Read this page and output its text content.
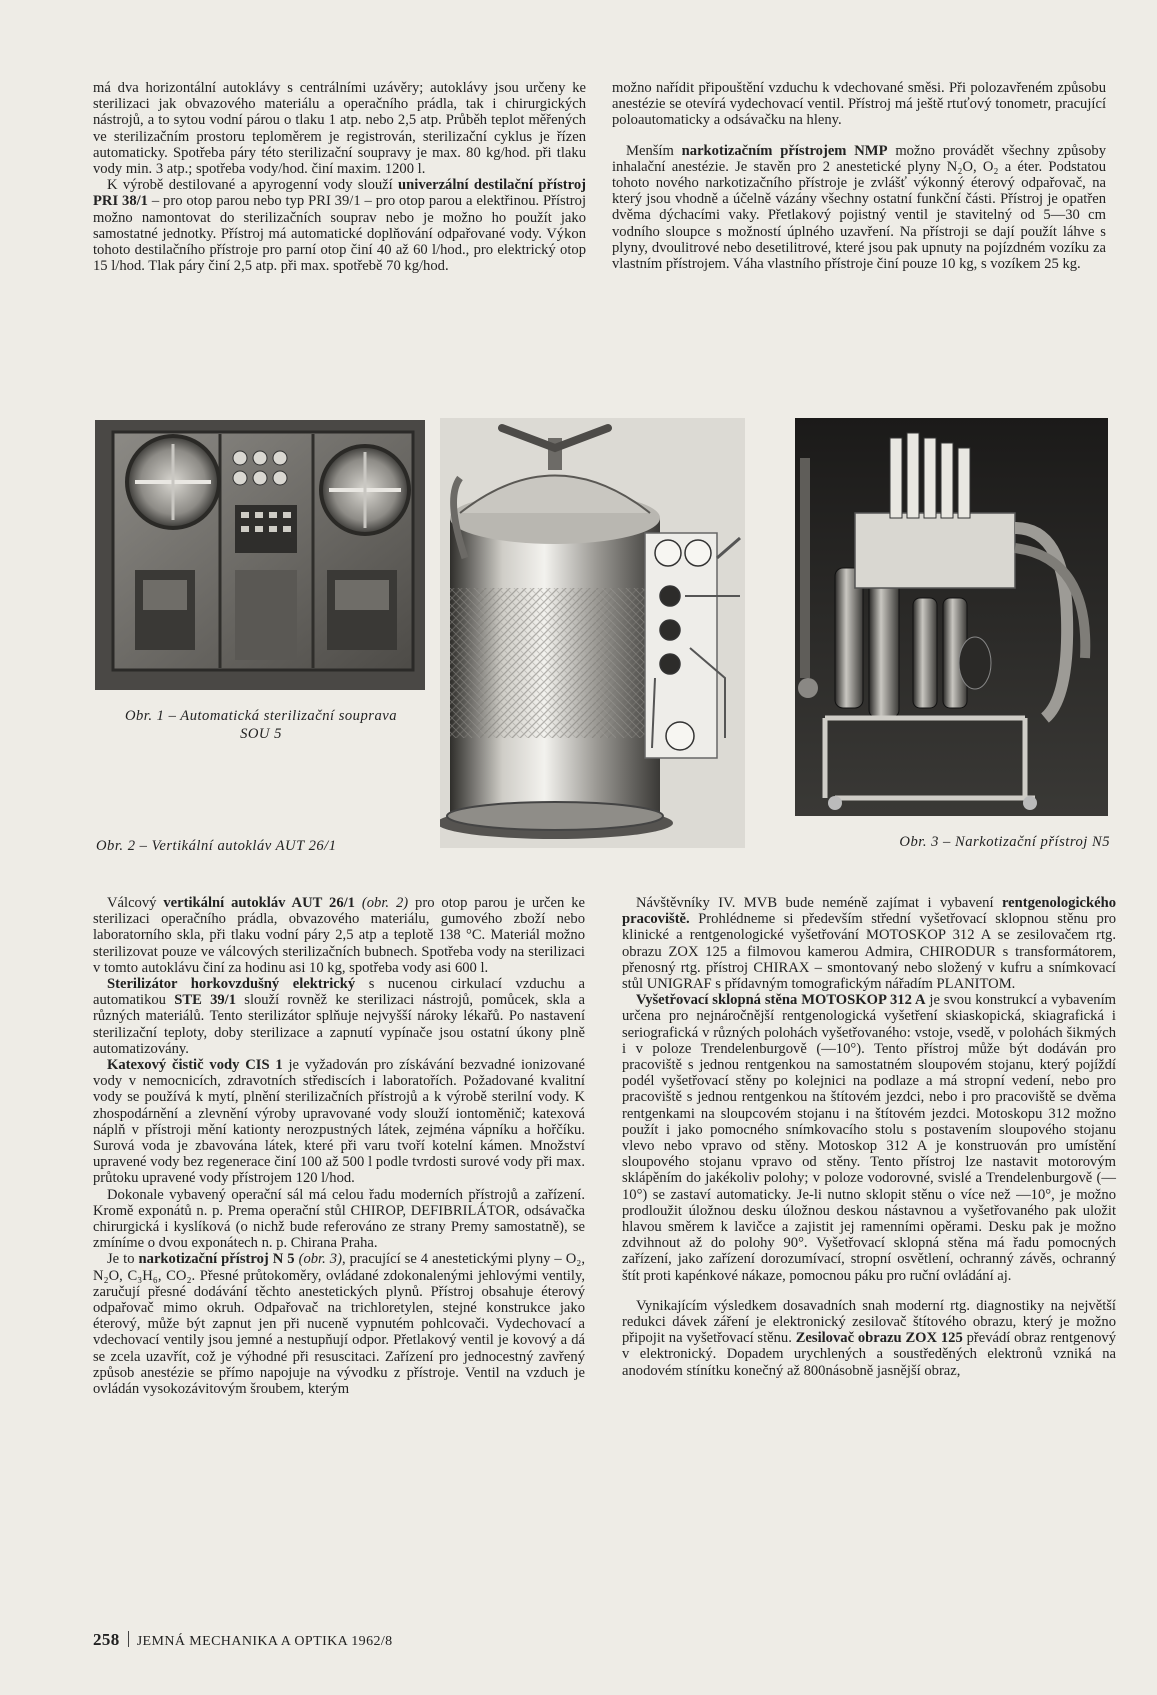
má dva horizontální autoklávy s centrálními uzávěry; autoklávy jsou určeny ke sterilizaci jak obvazového materiálu a operačního prádla, tak i chirurgických nástrojů, a to sytou vodní párou o tlaku 1 atp. nebo 2,5 atp. Průběh teplot měřených ve sterilizačním prostoru teploměrem je registrován, sterilizační cyklus je řízen automaticky. Spotřeba páry této sterilizační soupravy je max. 80 kg/hod. při tlaku vody min. 3 atp.; spotřeba vody/hod. činí maxim. 1200 l.

K výrobě destilované a apyrogenní vody slouží univerzální destilační přístroj PRI 38/1 – pro otop parou nebo typ PRI 39/1 – pro otop parou a elektřinou. Přístroj možno namontovat do sterilizačních souprav nebo je možno ho použít jako samostatné jednotky. Přístroj má automatické doplňování odpařované vody. Výkon tohoto destilačního přístroje pro parní otop činí 40 až 60 l/hod., pro elektrický otop 15 l/hod. Tlak páry činí 2,5 atp. při max. spotřebě 70 kg/hod.

možno nařídit připouštění vzduchu k vdechované směsi. Při polozavřeném způsobu anestézie se otevírá vydechovací ventil. Přístroj má ještě rtuťový tonometr, pracující poloautomaticky a odsávačku na hleny.

Menším narkotizačním přístrojem NMP možno provádět všechny způsoby inhalační anestézie. Je stavěn pro 2 anestetické plyny N₂O, O₂ a éter. Podstatou tohoto nového narkotizačního přístroje je zvlášť výkonný éterový odpařovač, na který jsou vhodně a účelně vázány všechny ostatní funkční části. Přístroj je opatřen dvěma dýchacími vaky. Přetlakový pojistný ventil je stavitelný od 5—30 cm vodního sloupce s možností úplného uzavření. Na přístroji se dají použít láhve s plyny, dvoulitrové nebo desetilitrové, které jsou pak upnuty na pojízdném vozíku za vlastním přístrojem. Váha vlastního přístroje činí pouze 10 kg, s vozíkem 25 kg.

Obr. 1 – Automatická sterilizační souprava
SOU 5
Obr. 2 – Vertikální autokláv AUT 26/1	Obr. 3 – Narkotizační přístroj N5

Válcový vertikální autokláv AUT 26/1 (obr. 2) pro otop parou je určen ke sterilizaci operačního prádla, obvazového materiálu, gumového zboží nebo laboratorního skla, při tlaku vodní páry 2,5 atp a teplotě 138 °C. Materiál možno sterilizovat pouze ve válcových sterilizačních bubnech. Spotřeba vody na sterilizaci v tomto autoklávu činí za hodinu asi 10 kg, spotřeba vody asi 600 l.

Sterilizátor horkovzdušný elektrický s nucenou cirkulací vzduchu a automatikou STE 39/1 slouží rovněž ke sterilizaci nástrojů, pomůcek, skla a různých materiálů. Tento sterilizátor splňuje nejvyšší nároky lékařů. Po nastavení sterilizační teploty, doby sterilizace a zapnutí vypínače jsou ostatní úkony plně automatizovány.

Katexový čistič vody CIS 1 je vyžadován pro získávání bezvadné ionizované vody v nemocnicích, zdravotních střediscích i laboratořích. Požadované kvalitní vody se používá k mytí, plnění sterilizačních přístrojů a k výrobě sterilní vody. K zhospodárnění a zlevnění výroby upravované vody slouží iontoměnič; katexová náplň v přístroji mění kationty nerozpustných látek, zejména vápníku a hořčíku. Surová voda je zbavována látek, které při varu tvoří kotelní kámen. Množství upravené vody bez regenerace činí 100 až 500 l podle tvrdosti surové vody při max. průtoku upravené vody přístrojem 120 l/hod.

Dokonale vybavený operační sál má celou řadu moderních přístrojů a zařízení. Kromě exponátů n. p. Prema operační stůl CHIROP, DEFIBRILÁTOR, odsávačka chirurgická i kyslíková (o nichž bude referováno ze strany Premy samostatně), se zmíníme o dvou exponátech n. p. Chirana Praha.

Je to narkotizační přístroj N 5 (obr. 3), pracující se 4 anestetickými plyny – O₂, N₂O, C₃H₆, CO₂. Přesné průtokoměry, ovládané zdokonalenými jehlovými ventily, zaručují přesné dodávání těchto anestetických plynů. Přístroj obsahuje éterový odpařovač mimo okruh. Odpařovač na trichloretylen, stejné konstrukce jako éterový, může být zapnut jen při nuceně vypnutém pohlcovači. Vydechovací a vdechovací ventily jsou jemné a nestupňují odpor. Přetlakový ventil je kovový a dá se zcela uzavřít, což je výhodné při resuscitaci. Zařízení pro jednocestný zavřený způsob anestézie se přímo napojuje na vývodku z přístroje. Ventil na vzduch je ovládán vysokozávitovým šroubem, kterým

Návštěvníky IV. MVB bude neméně zajímat i vybavení rentgenologického pracoviště. Prohlédneme si především střední vyšetřovací sklopnou stěnu pro klinické a rentgenologické vyšetřování MOTOSKOP 312 A se zesilovačem rtg. obrazu ZOX 125 a filmovou kamerou Admira, CHIRODUR s transformátorem, přenosný rtg. přístroj CHIRAX – smontovaný nebo složený v kufru a snímkovací stůl UNIGRAF s přídavným tomografickým nářadím PLANITOM.

Vyšetřovací sklopná stěna MOTOSKOP 312 A je svou konstrukcí a vybavením určena pro nejnáročnější rentgenologická vyšetření skiaskopická, skiagrafická i seriografická v různých polohách vyšetřovaného: vstoje, vsedě, v polohách šikmých i v poloze Trendelenburgově (—10°). Tento přístroj může být dodáván pro pracoviště s jednou rentgenkou na samostatném sloupovém stojanu, který pojíždí podél vyšetřovací stěny po kolejnici na podlaze a má stropní vedení, nebo pro pracoviště s jednou rentgenkou na štítovém jezdci, nebo i pro pracoviště se dvěma rentgenkami na sloupcovém stojanu i na štítovém jezdci. Motoskopu 312 možno použít i jako pomocného snímkovacího stolu s postavením sloupového stojanu vlevo nebo vpravo od stěny. Motoskop 312 A je konstruován pro umístění sloupového stojanu vpravo od stěny. Tento přístroj lze nastavit motorovým sklápěním do jakékoliv polohy; v poloze vodorovné, svislé a Trendelenburgově (—10°) se zastaví automaticky. Je-li nutno sklopit stěnu o více než —10°, je možno prodloužit úložnou desku úložnou deskou nástavnou a vyšetřovaného pak uložit hlavou směrem k lavičce a zajistit jej ramenními opěrami. Desku pak je možno zdvihnout až do polohy 90°. Vyšetřovací sklopná stěna má řadu pomocných zařízení, jako zařízení dorozumívací, stropní osvětlení, ochranný závěs, ochranný štít proti kapénkové nákaze, pomocnou páku pro ruční ovládání aj.

Vynikajícím výsledkem dosavadních snah moderní rtg. diagnostiky na největší redukci dávek záření je elektronický zesilovač štítového obrazu, který je možno připojit na vyšetřovací stěnu. Zesilovač obrazu ZOX 125 převádí obraz rentgenový v elektronický. Dopadem urychlených a soustředěných elektronů vzniká na anodovém stínítku konečný až 800násobně jasnější obraz,

258 JEMNÁ MECHANIKA A OPTIKA 1962/8
